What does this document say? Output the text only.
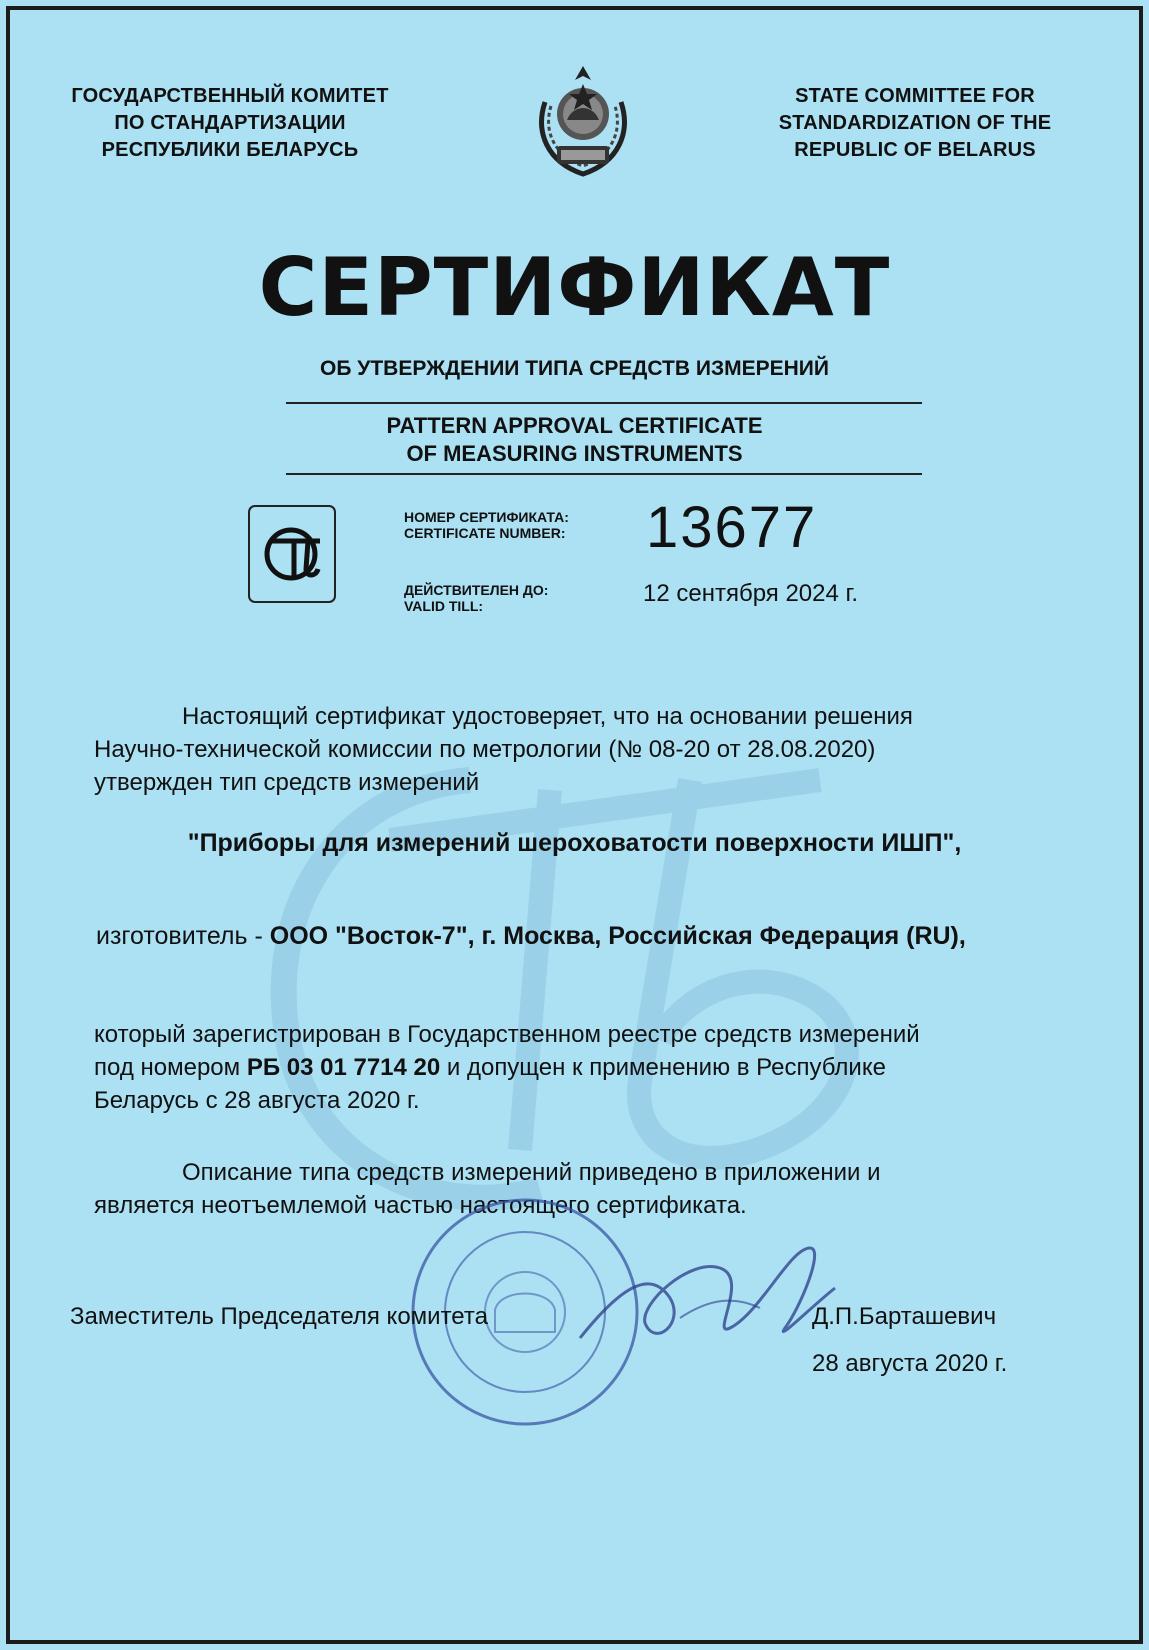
ГОСУДАРСТВЕННЫЙ КОМИТЕТ
ПО СТАНДАРТИЗАЦИИ
РЕСПУБЛИКИ БЕЛАРУСЬ
STATE COMMITTEE FOR
STANDARDIZATION OF THE
REPUBLIC OF BELARUS
СЕРТИФИКАТ
ОБ УТВЕРЖДЕНИИ ТИПА СРЕДСТВ ИЗМЕРЕНИЙ
PATTERN APPROVAL CERTIFICATE
OF MEASURING INSTRUMENTS
НОМЕР СЕРТИФИКАТА:
CERTIFICATE NUMBER: 13677
ДЕЙСТВИТЕЛЕН ДО:
VALID TILL:	12 сентября 2024 г.
Настоящий сертификат удостоверяет, что на основании решения
Научно-технической комиссии по метрологии (№ 08-20 от 28.08.2020)
утвержден тип средств измерений
"Приборы для измерений шероховатости поверхности ИШП",
изготовитель - ООО "Восток-7", г. Москва, Российская Федерация (RU),
который зарегистрирован в Государственном реестре средств измерений
под номером РБ 03 01 7714 20 и допущен к применению в Республике
Беларусь с 28 августа 2020 г.
Описание типа средств измерений приведено в приложении и
является неотъемлемой частью настоящего сертификата.
Заместитель Председателя комитета	Д.П.Барташевич
28 августа 2020 г.
